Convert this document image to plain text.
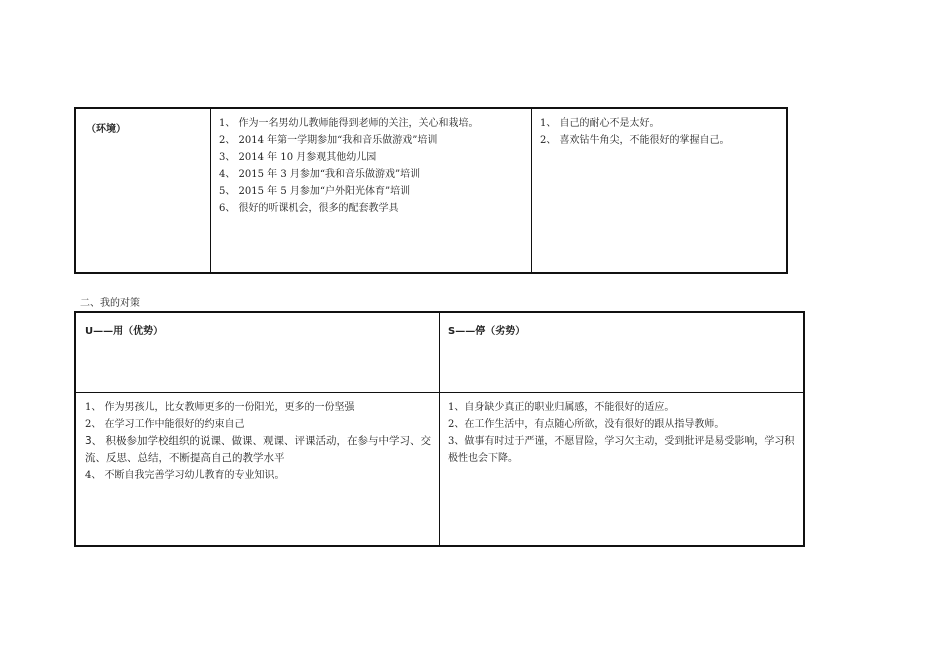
（环境）
1、 作为一名男幼儿教师能得到老师的关注，关心和栽培。
2、 2014 年第一学期参加“我和音乐做游戏”培训
3、 2014 年 10 月参观其他幼儿园
4、 2015 年 3 月参加“我和音乐做游戏”培训
5、 2015 年 5 月参加“户外阳光体育”培训
6、 很好的听课机会，很多的配套教学具
1、 自己的耐心不是太好。
2、 喜欢钻牛角尖，不能很好的掌握自己。
二、我的对策
U——用（优势）	S——停（劣势）
1、 作为男孩儿，比女教师更多的一份阳光，更多的一份坚强
2、 在学习工作中能很好的约束自己
3、 积极参加学校组织的说课、做课、观课、评课活动，在参与中学习、交流、反思、总结，不断提高自己的教学水平
4、 不断自我完善学习幼儿教育的专业知识。
1、自身缺少真正的职业归属感，不能很好的适应。
2、在工作生活中，有点随心所欲，没有很好的跟从指导教师。
3、做事有时过于严谨，不愿冒险，学习欠主动，受到批评是易受影响，学习积极性也会下降。
